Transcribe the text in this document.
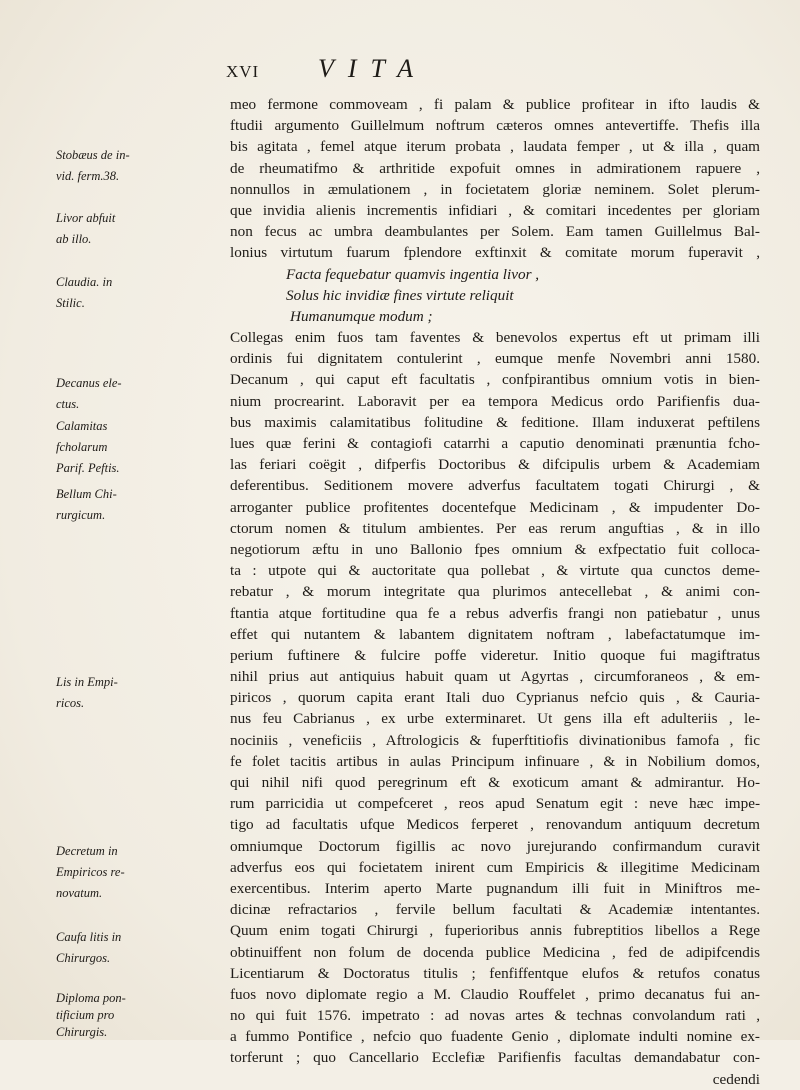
XVI VITA
Stobæus de in-
vid. ferm.38.
Livor abfuit
ab illo.
Claudia. in
Stilic.
Decanus ele-
ctus.
Calamitas
fcholarum
Parif. Peftis.
Bellum Chi-
rurgicum.
Lis in Empi-
ricos.
Decretum in
Empiricos re-
novatum.
Caufa litis in
Chirurgos.
Diploma pon-
tificium pro
Chirurgis.
meo fermone commoveam , fi palam & publice profitear in ifto laudis &
ftudii argumento Guillelmum noftrum cæteros omnes antevertiffe. Thefis illa
bis agitata , femel atque iterum probata , laudata femper , ut & illa , quam
de rheumatifmo & arthritide expofuit omnes in admirationem rapuere ,
nonnullos in æmulationem , in focietatem gloriæ neminem. Solet plerum-
que invidia alienis incrementis infidiari , & comitari incedentes per gloriam
non fecus ac umbra deambulantes per Solem. Eam tamen Guillelmus Bal-
lonius virtutum fuarum fplendore exftinxit & comitate morum fuperavit ,
Facta fequebatur quamvis ingentia livor ,
Solus hic invidiæ fines virtute reliquit
Humanumque modum ;
Collegas enim fuos tam faventes & benevolos expertus eft ut primam illi
ordinis fui dignitatem contulerint , eumque menfe Novembri anni 1580.
Decanum , qui caput eft facultatis , confpirantibus omnium votis in bien-
nium procrearint. Laboravit per ea tempora Medicus ordo Parifienfis dua-
bus maximis calamitatibus folitudine & feditione. Illam induxerat peftilens
lues quæ ferini & contagiofi catarrhi a caputio denominati prænuntia fcho-
las feriari coëgit , difperfis Doctoribus & difcipulis urbem & Academiam
deferentibus. Seditionem movere adverfus facultatem togati Chirurgi , &
arroganter publice profitentes docentefque Medicinam , & impudenter Do-
ctorum nomen & titulum ambientes. Per eas rerum anguftias , & in illo
negotiorum æftu in uno Ballonio fpes omnium & exfpectatio fuit colloca-
ta : utpote qui & auctoritate qua pollebat , & virtute qua cunctos deme-
rebatur , & morum integritate qua plurimos antecellebat , & animi con-
ftantia atque fortitudine qua fe a rebus adverfis frangi non patiebatur , unus
effet qui nutantem & labantem dignitatem noftram , labefactatumque im-
perium fuftinere & fulcire poffe videretur. Initio quoque fui magiftratus
nihil prius aut antiquius habuit quam ut Agyrtas , circumforaneos , & em-
piricos , quorum capita erant Itali duo Cyprianus nefcio quis , & Cauria-
nus feu Cabrianus , ex urbe exterminaret. Ut gens illa eft adulteriis , le-
nociniis , veneficiis , Aftrologicis & fuperftitiofis divinationibus famofa , fic
fe folet tacitis artibus in aulas Principum infinuare , & in Nobilium domos,
qui nihil nifi quod peregrinum eft & exoticum amant & admirantur. Ho-
rum parricidia ut compefceret , reos apud Senatum egit : neve hæc impe-
tigo ad facultatis ufque Medicos ferperet , renovandum antiquum decretum
omniumque Doctorum figillis ac novo jurejurando confirmandum curavit
adverfus eos qui focietatem inirent cum Empiricis & illegitime Medicinam
exercentibus. Interim aperto Marte pugnandum illi fuit in Miniftros me-
dicinæ refractarios , fervile bellum facultati & Academiæ intentantes.
Quum enim togati Chirurgi , fuperioribus annis fubreptitios libellos a Rege
obtinuiffent non folum de docenda publice Medicina , fed de adipifcendis
Licentiarum & Doctoratus titulis ; fenfiffentque elufos & retufos conatus
fuos novo diplomate regio a M. Claudio Rouffelet , primo decanatus fui an-
no qui fuit 1576. impetrato : ad novas artes & technas convolandum rati ,
a fummo Pontifice , nefcio quo fuadente Genio , diplomate indulti nomine ex-
torferunt ; quo Cancellario Ecclefiæ Parifienfis facultas demandabatur con-
cedendi
